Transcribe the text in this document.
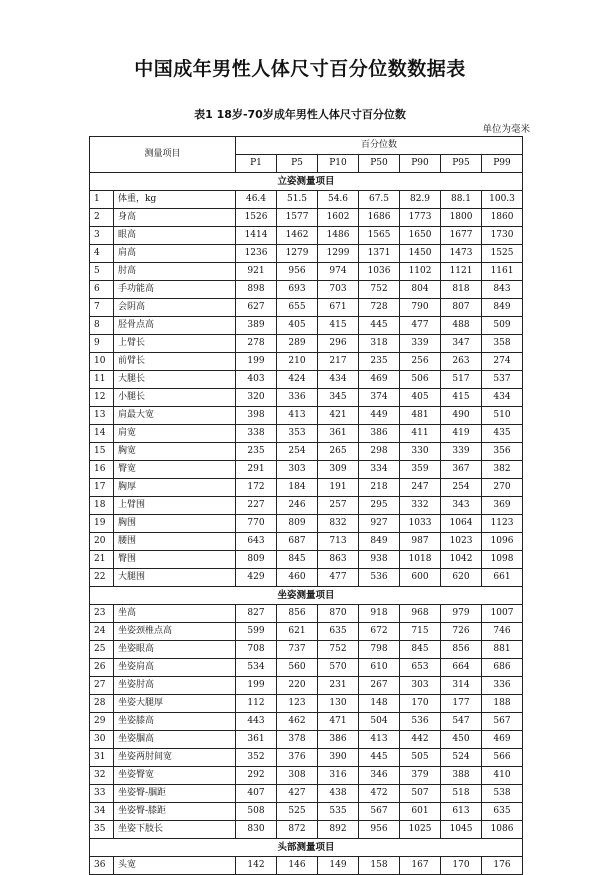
中国成年男性人体尺寸百分位数数据表
表1 18岁-70岁成年男性人体尺寸百分位数
单位为毫米
测量项目		百分位数						
		P1	P5	P10	P50	P90	P95	P99
立姿测量项目								
1	体重，kg	46.4	51.5	54.6	67.5	82.9	88.1	100.3
2	身高	1526	1577	1602	1686	1773	1800	1860
3	眼高	1414	1462	1486	1565	1650	1677	1730
4	肩高	1236	1279	1299	1371	1450	1473	1525
5	肘高	921	956	974	1036	1102	1121	1161
6	手功能高	898	693	703	752	804	818	843
7	会阴高	627	655	671	728	790	807	849
8	胫骨点高	389	405	415	445	477	488	509
9	上臂长	278	289	296	318	339	347	358
10	前臂长	199	210	217	235	256	263	274
11	大腿长	403	424	434	469	506	517	537
12	小腿长	320	336	345	374	405	415	434
13	肩最大宽	398	413	421	449	481	490	510
14	肩宽	338	353	361	386	411	419	435
15	胸宽	235	254	265	298	330	339	356
16	臀宽	291	303	309	334	359	367	382
17	胸厚	172	184	191	218	247	254	270
18	上臂围	227	246	257	295	332	343	369
19	胸围	770	809	832	927	1033	1064	1123
20	腰围	643	687	713	849	987	1023	1096
21	臀围	809	845	863	938	1018	1042	1098
22	大腿围	429	460	477	536	600	620	661
坐姿测量项目								
23	坐高	827	856	870	918	968	979	1007
24	坐姿颈椎点高	599	621	635	672	715	726	746
25	坐姿眼高	708	737	752	798	845	856	881
26	坐姿肩高	534	560	570	610	653	664	686
27	坐姿肘高	199	220	231	267	303	314	336
28	坐姿大腿厚	112	123	130	148	170	177	188
29	坐姿膝高	443	462	471	504	536	547	567
30	坐姿腘高	361	378	386	413	442	450	469
31	坐姿两肘间宽	352	376	390	445	505	524	566
32	坐姿臀宽	292	308	316	346	379	388	410
33	坐姿臀-腘距	407	427	438	472	507	518	538
34	坐姿臀-膝距	508	525	535	567	601	613	635
35	坐姿下肢长	830	872	892	956	1025	1045	1086
头部测量项目								
36	头宽	142	146	149	158	167	170	176
